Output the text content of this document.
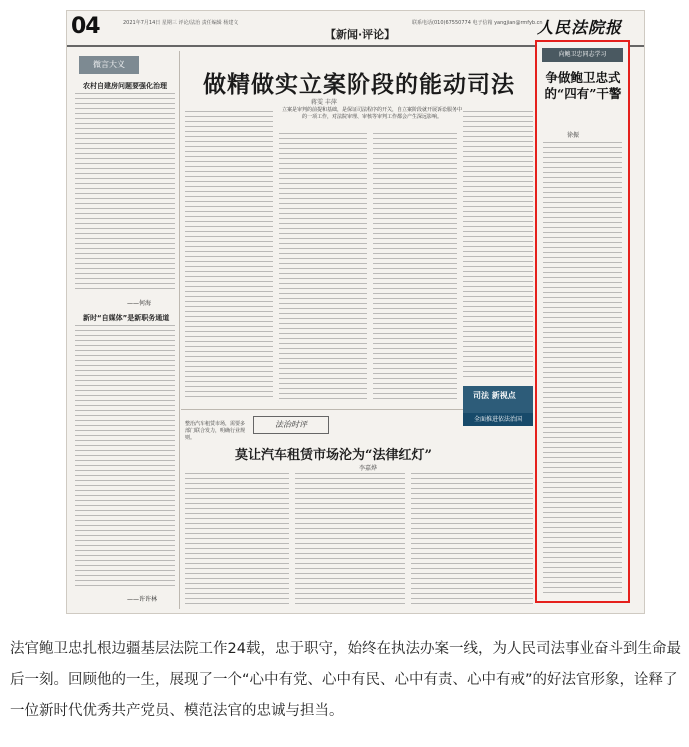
04	2021年7月14日 星期三 评论/法治 责任编辑 杨建文
【新闻·评论】
联系电话(010)67550774 电子信箱 yangjian@rmfyb.cn
人民法院报
微言大义
农村自建房问题要强化治理
——何海
新时“自媒体”是新职务通道
——许许林
做精做实立案阶段的能动司法
蒋雯 丰萍
立案是审判的前提和基础，是保证司法程序的开关，自立案阶段就开展诉讼服务中的一项工作，对法院审理、审核等审判工作都会产生深远影响。
司法 新视点
全面推进依法治国
法治时评
莫让汽车租赁市场沦为“法律红灯”
李嘉烨
整治汽车租赁市场，需要多部门联合发力，明确行业规则。
向鲍卫忠同志学习
争做鲍卫忠式的“四有”干警
徐振
法官鲍卫忠扎根边疆基层法院工作24载，忠于职守，始终在执法办案一线，为人民司法事业奋斗到生命最后一刻。回顾他的一生，展现了一个“心中有党、心中有民、心中有责、心中有戒”的好法官形象，诠释了一位新时代优秀共产党员、模范法官的忠诚与担当。
